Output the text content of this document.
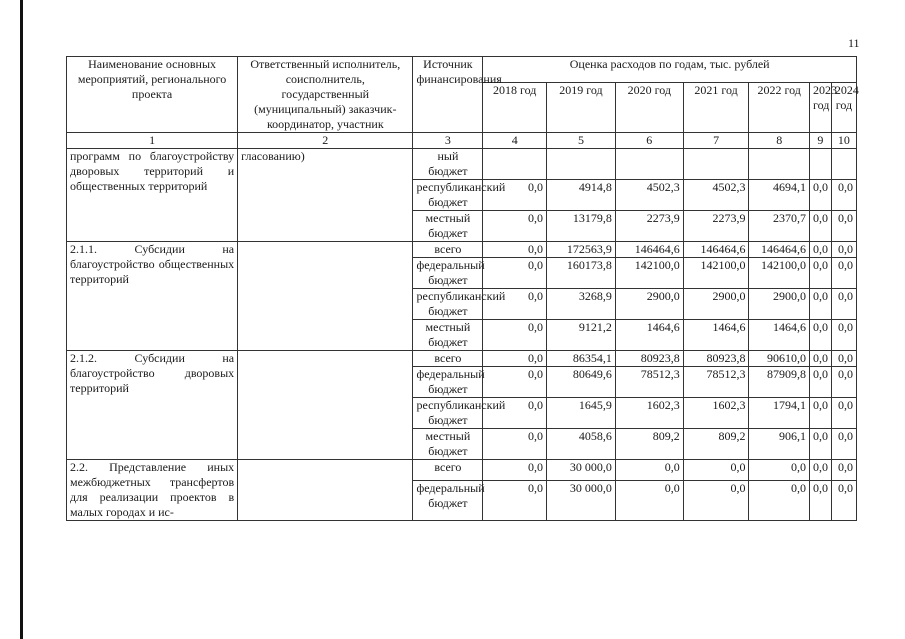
11
Наименование основных мероприятий, регионального проекта	Ответственный исполнитель, соисполнитель, государственный (муниципальный) заказчик-координатор, участник	Источник финансирования	Оценка расходов по годам, тыс. рублей						
			2018 год	2019 год	2020 год	2021 год	2022 год	2023 год	2024 год
1	2	3	4	5	6	7	8	9	10
программ по благоустройству дворовых территорий и общественных территорий	гласованию)	ный бюджет							
		республиканский бюджет	0,0	4914,8	4502,3	4502,3	4694,1	0,0	0,0
		местный бюджет	0,0	13179,8	2273,9	2273,9	2370,7	0,0	0,0
2.1.1. Субсидии на благоустройство общественных территорий		всего	0,0	172563,9	146464,6	146464,6	146464,6	0,0	0,0
		федеральный бюджет	0,0	160173,8	142100,0	142100,0	142100,0	0,0	0,0
		республиканский бюджет	0,0	3268,9	2900,0	2900,0	2900,0	0,0	0,0
		местный бюджет	0,0	9121,2	1464,6	1464,6	1464,6	0,0	0,0
2.1.2. Субсидии на благоустройство дворовых территорий		всего	0,0	86354,1	80923,8	80923,8	90610,0	0,0	0,0
		федеральный бюджет	0,0	80649,6	78512,3	78512,3	87909,8	0,0	0,0
		республиканский бюджет	0,0	1645,9	1602,3	1602,3	1794,1	0,0	0,0
		местный бюджет	0,0	4058,6	809,2	809,2	906,1	0,0	0,0
2.2. Представление иных межбюджетных трансфертов для реализации проектов в малых городах и ис-		всего	0,0	30 000,0	0,0	0,0	0,0	0,0	0,0
		федеральный бюджет	0,0	30 000,0	0,0	0,0	0,0	0,0	0,0
